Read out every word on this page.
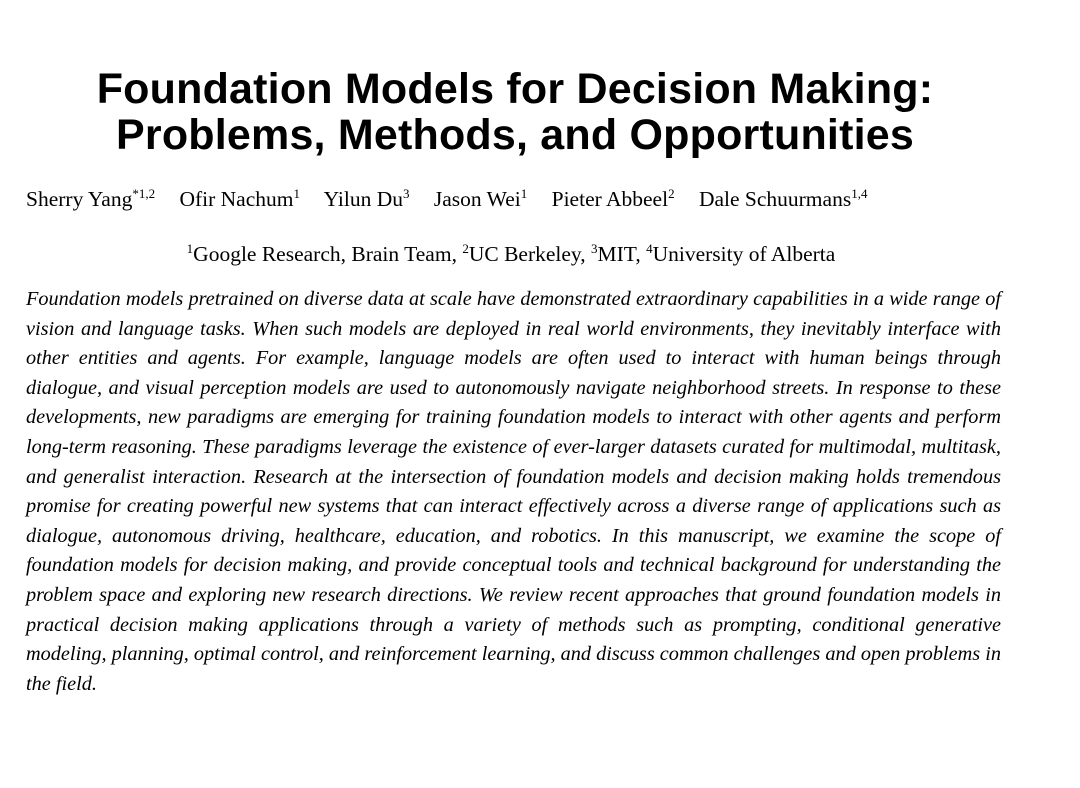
Foundation Models for Decision Making:
Problems, Methods, and Opportunities
Sherry Yang$^{*1,2}$ Ofir Nachum$^1$ Yilun Du$^3$ Jason Wei$^1$ Pieter Abbeel$^2$ Dale Schuurmans$^{1,4}$
$^1$Google Research, Brain Team, $^2$UC Berkeley, $^3$MIT, $^4$University of Alberta

Foundation models pretrained on diverse data at scale have demonstrated extraordinary capabilities in a wide range of vision and language tasks. When such models are deployed in real world environments, they inevitably interface with other entities and agents. For example, language models are often used to interact with human beings through dialogue, and visual perception models are used to autonomously navigate neighborhood streets. In response to these developments, new paradigms are emerging for training foundation models to interact with other agents and perform long-term reasoning. These paradigms leverage the existence of ever-larger datasets curated for multimodal, multitask, and generalist interaction. Research at the intersection of foundation models and decision making holds tremendous promise for creating powerful new systems that can interact effectively across a diverse range of applications such as dialogue, autonomous driving, healthcare, education, and robotics. In this manuscript, we examine the scope of foundation models for decision making, and provide conceptual tools and technical background for understanding the problem space and exploring new research directions. We review recent approaches that ground foundation models in practical decision making applications through a variety of methods such as prompting, conditional generative modeling, planning, optimal control, and reinforcement learning, and discuss common challenges and open problems in the field.
